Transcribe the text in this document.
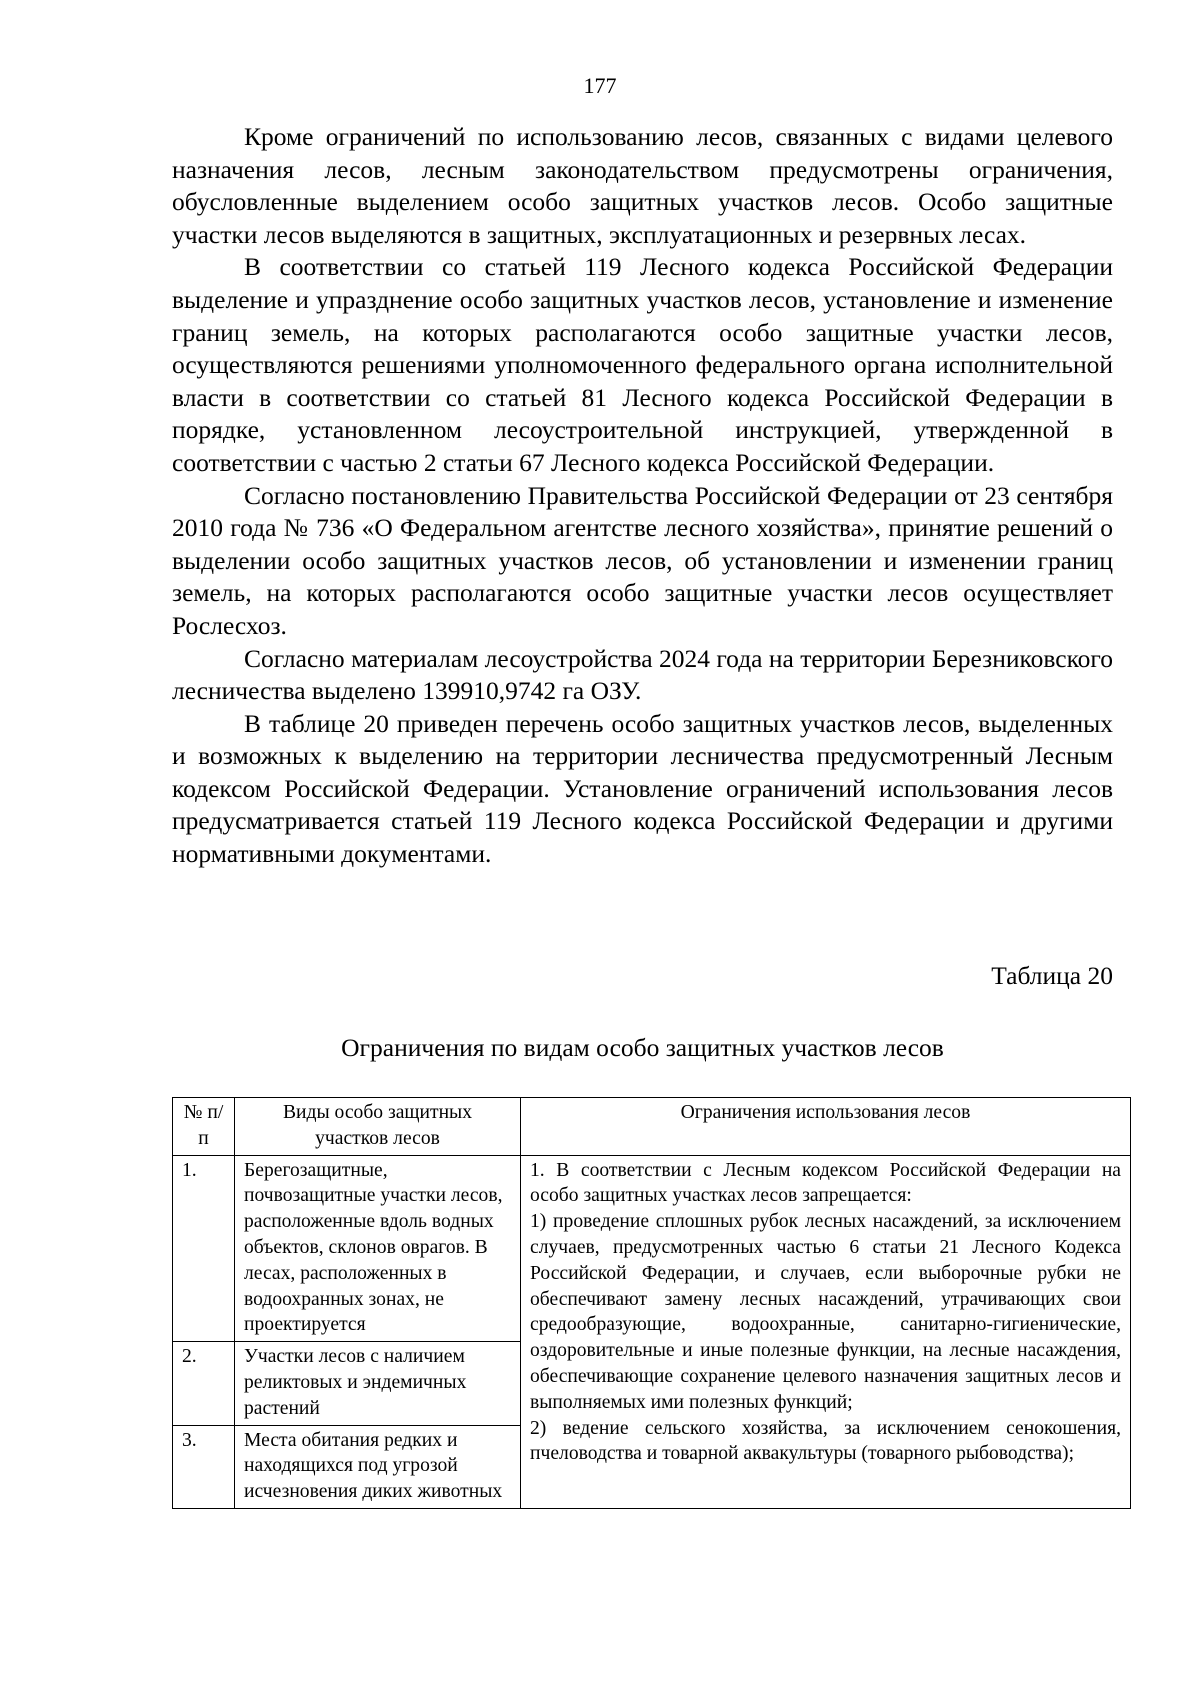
177

Кроме ограничений по использованию лесов, связанных с видами целевого назначения лесов, лесным законодательством предусмотрены ограничения, обусловленные выделением особо защитных участков лесов. Особо защитные участки лесов выделяются в защитных, эксплуатационных и резервных лесах.

В соответствии со статьей 119 Лесного кодекса Российской Федерации выделение и упразднение особо защитных участков лесов, установление и изменение границ земель, на которых располагаются особо защитные участки лесов, осуществляются решениями уполномоченного федерального органа исполнительной власти в соответствии со статьей 81 Лесного кодекса Российской Федерации в порядке, установленном лесоустроительной инструкцией, утвержденной в соответствии с частью 2 статьи 67 Лесного кодекса Российской Федерации.

Согласно постановлению Правительства Российской Федерации от 23 сентября 2010 года № 736 «О Федеральном агентстве лесного хозяйства», принятие решений о выделении особо защитных участков лесов, об установлении и изменении границ земель, на которых располагаются особо защитные участки лесов осуществляет Рослесхоз.

Согласно материалам лесоустройства 2024 года на территории Березниковского лесничества выделено 139910,9742 га ОЗУ.

В таблице 20 приведен перечень особо защитных участков лесов, выделенных и возможных к выделению на территории лесничества предусмотренный Лесным кодексом Российской Федерации. Установление ограничений использования лесов предусматривается статьей 119 Лесного кодекса Российской Федерации и другими нормативными документами.

Таблица 20
Ограничения по видам особо защитных участков лесов
№ п/п	Виды особо защитных участков лесов	Ограничения использования лесов
1.	Берегозащитные, почвозащитные участки лесов, расположенные вдоль водных объектов, склонов оврагов. В лесах, расположенных в водоохранных зонах, не проектируется	1. В соответствии с Лесным кодексом Российской Федерации на особо защитных участках лесов запрещается:

1) проведение сплошных рубок лесных насаждений, за исключением случаев, предусмотренных частью 6 статьи 21 Лесного Кодекса Российской Федерации, и случаев, если выборочные рубки не обеспечивают замену лесных насаждений, утрачивающих свои средообразующие, водоохранные, санитарно-гигиенические, оздоровительные и иные полезные функции, на лесные насаждения, обеспечивающие сохранение целевого назначения защитных лесов и выполняемых ими полезных функций;

2) ведение сельского хозяйства, за исключением сенокошения, пчеловодства и товарной аквакультуры (товарного рыбоводства);

2.	Участки лесов с наличием реликтовых и эндемичных растений	
3.	Места обитания редких и находящихся под угрозой исчезновения диких животных	
